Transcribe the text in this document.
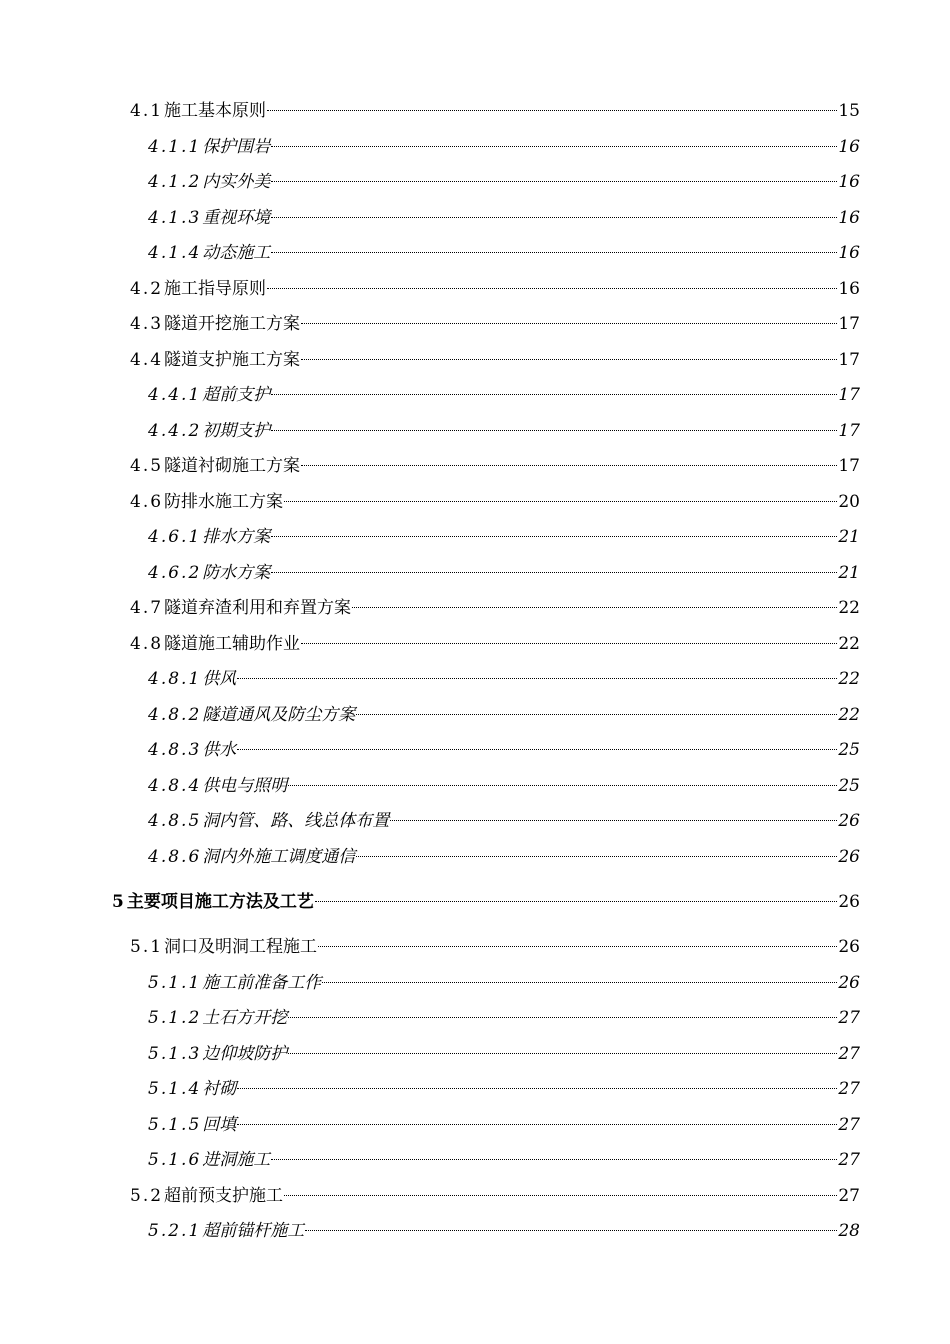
4.1 施工基本原则	15
4.1.1 保护围岩	16
4.1.2 内实外美	16
4.1.3 重视环境	16
4.1.4 动态施工	16
4.2 施工指导原则	16
4.3 隧道开挖施工方案	17
4.4 隧道支护施工方案	17
4.4.1 超前支护	17
4.4.2 初期支护	17
4.5 隧道衬砌施工方案	17
4.6 防排水施工方案	20
4.6.1 排水方案	21
4.6.2 防水方案	21
4.7 隧道弃渣利用和弃置方案	22
4.8 隧道施工辅助作业	22
4.8.1 供风	22
4.8.2 隧道通风及防尘方案	22
4.8.3 供水	25
4.8.4 供电与照明	25
4.8.5 洞内管、路、线总体布置	26
4.8.6 洞内外施工调度通信	26
5 主要项目施工方法及工艺	26
5.1 洞口及明洞工程施工	26
5.1.1 施工前准备工作	26
5.1.2 土石方开挖	27
5.1.3 边仰坡防护	27
5.1.4 衬砌	27
5.1.5 回填	27
5.1.6 进洞施工	27
5.2 超前预支护施工	27
5.2.1 超前锚杆施工	28
